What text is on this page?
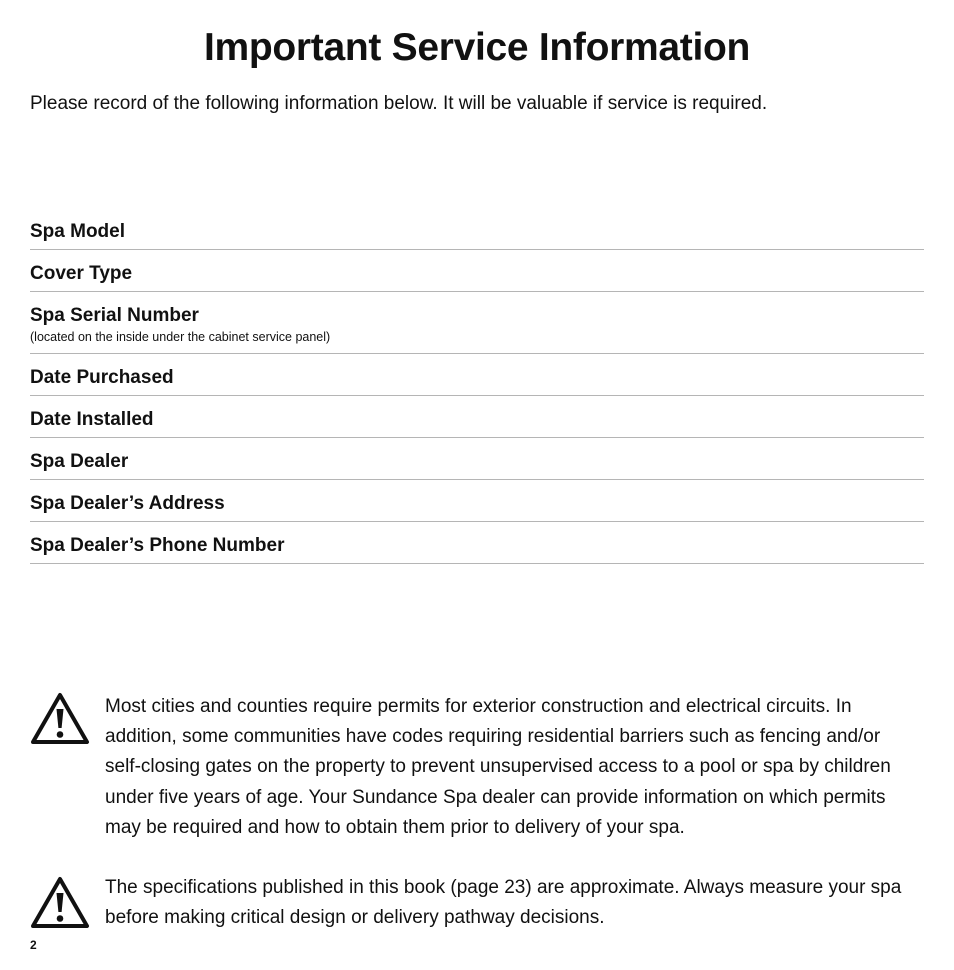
Important Service Information

Please record of the following information below. It will be valuable if service is required.

Spa Model
Cover Type
Spa Serial Number
(located on the inside under the cabinet service panel)
Date Purchased
Date Installed
Spa Dealer
Spa Dealer’s Address
Spa Dealer’s Phone Number
Most cities and counties require permits for exterior construction and electrical circuits. In addition, some communities have codes requiring residential barriers such as fencing and/or self-closing gates on the property to prevent unsupervised access to a pool or spa by children under five years of age. Your Sundance Spa dealer can provide information on which permits may be required and how to obtain them prior to delivery of your spa.
The specifications published in this book (page 23) are approximate. Always measure your spa before making critical design or delivery pathway decisions.
2
